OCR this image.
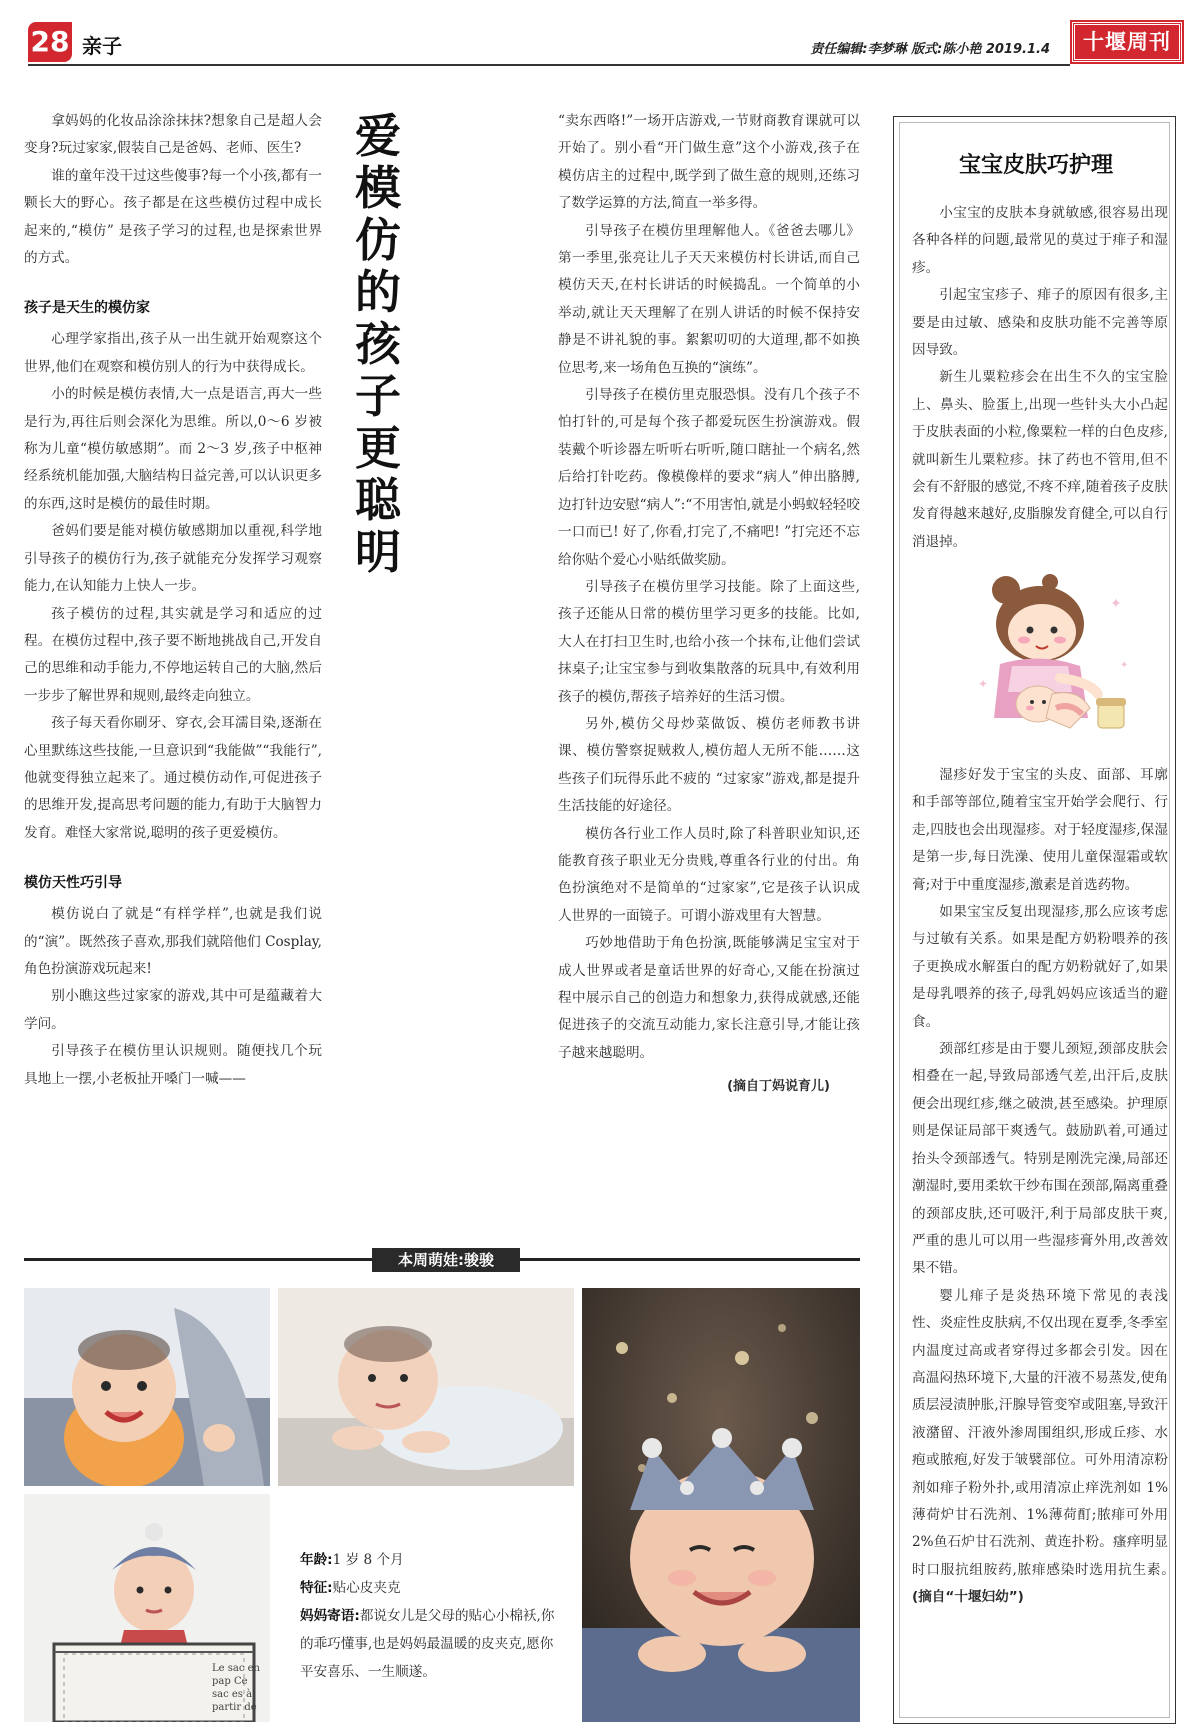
28 亲子	责任编辑:李梦琳 版式:陈小艳 2019.1.4	十堰周刊

拿妈妈的化妆品涂涂抹抹?想象自己是超人会变身?玩过家家,假装自己是爸妈、老师、医生?

谁的童年没干过这些傻事?每一个小孩,都有一颗长大的野心。孩子都是在这些模仿过程中成长起来的,“模仿” 是孩子学习的过程,也是探索世界的方式。

孩子是天生的模仿家

心理学家指出,孩子从一出生就开始观察这个世界,他们在观察和模仿别人的行为中获得成长。

小的时候是模仿表情,大一点是语言,再大一些是行为,再往后则会深化为思维。所以,0～6 岁被称为儿童“模仿敏感期”。而 2～3 岁,孩子中枢神经系统机能加强,大脑结构日益完善,可以认识更多的东西,这时是模仿的最佳时期。

爸妈们要是能对模仿敏感期加以重视,科学地引导孩子的模仿行为,孩子就能充分发挥学习观察能力,在认知能力上快人一步。

孩子模仿的过程,其实就是学习和适应的过程。在模仿过程中,孩子要不断地挑战自己,开发自己的思维和动手能力,不停地运转自己的大脑,然后一步步了解世界和规则,最终走向独立。

孩子每天看你刷牙、穿衣,会耳濡目染,逐渐在心里默练这些技能,一旦意识到“我能做”“我能行”,他就变得独立起来了。通过模仿动作,可促进孩子的思维开发,提高思考问题的能力,有助于大脑智力发育。难怪大家常说,聪明的孩子更爱模仿。

模仿天性巧引导

模仿说白了就是“有样学样”,也就是我们说的“演”。既然孩子喜欢,那我们就陪他们 Cosplay,角色扮演游戏玩起来!

别小瞧这些过家家的游戏,其中可是蕴藏着大学问。

引导孩子在模仿里认识规则。随便找几个玩具地上一摆,小老板扯开嗓门一喊——

爱模仿的孩子更聪明

“卖东西咯!”一场开店游戏,一节财商教育课就可以开始了。别小看“开门做生意”这个小游戏,孩子在模仿店主的过程中,既学到了做生意的规则,还练习了数学运算的方法,简直一举多得。

引导孩子在模仿里理解他人。《爸爸去哪儿》第一季里,张亮让儿子天天来模仿村长讲话,而自己模仿天天,在村长讲话的时候捣乱。一个简单的小举动,就让天天理解了在别人讲话的时候不保持安静是不讲礼貌的事。絮絮叨叨的大道理,都不如换位思考,来一场角色互换的“演练”。

引导孩子在模仿里克服恐惧。没有几个孩子不怕打针的,可是每个孩子都爱玩医生扮演游戏。假装戴个听诊器左听听右听听,随口瞎扯一个病名,然后给打针吃药。像模像样的要求“病人”伸出胳膊,边打针边安慰“病人”:“不用害怕,就是小蚂蚁轻轻咬一口而已! 好了,你看,打完了,不痛吧! ”打完还不忘给你贴个爱心小贴纸做奖励。

引导孩子在模仿里学习技能。除了上面这些,孩子还能从日常的模仿里学习更多的技能。比如,大人在打扫卫生时,也给小孩一个抹布,让他们尝试抹桌子;让宝宝参与到收集散落的玩具中,有效利用孩子的模仿,帮孩子培养好的生活习惯。

另外,模仿父母炒菜做饭、模仿老师教书讲课、模仿警察捉贼救人,模仿超人无所不能……这些孩子们玩得乐此不疲的 “过家家”游戏,都是提升生活技能的好途径。

模仿各行业工作人员时,除了科普职业知识,还能教育孩子职业无分贵贱,尊重各行业的付出。角色扮演绝对不是简单的“过家家”,它是孩子认识成人世界的一面镜子。可谓小游戏里有大智慧。

巧妙地借助于角色扮演,既能够满足宝宝对于成人世界或者是童话世界的好奇心,又能在扮演过程中展示自己的创造力和想象力,获得成就感,还能促进孩子的交流互动能力,家长注意引导,才能让孩子越来越聪明。

(摘自丁妈说育儿)
宝宝皮肤巧护理

小宝宝的皮肤本身就敏感,很容易出现各种各样的问题,最常见的莫过于痱子和湿疹。

引起宝宝疹子、痱子的原因有很多,主要是由过敏、感染和皮肤功能不完善等原因导致。

新生儿粟粒疹会在出生不久的宝宝脸上、鼻头、脸蛋上,出现一些针头大小凸起于皮肤表面的小粒,像粟粒一样的白色皮疹,就叫新生儿粟粒疹。抹了药也不管用,但不会有不舒服的感觉,不疼不痒,随着孩子皮肤发育得越来越好,皮脂腺发育健全,可以自行消退掉。

✦
✦
✦

湿疹好发于宝宝的头皮、面部、耳廓和手部等部位,随着宝宝开始学会爬行、行走,四肢也会出现湿疹。对于轻度湿疹,保湿是第一步,每日洗澡、使用儿童保湿霜或软膏;对于中重度湿疹,激素是首选药物。

如果宝宝反复出现湿疹,那么应该考虑与过敏有关系。如果是配方奶粉喂养的孩子更换成水解蛋白的配方奶粉就好了,如果是母乳喂养的孩子,母乳妈妈应该适当的避食。

颈部红疹是由于婴儿颈短,颈部皮肤会相叠在一起,导致局部透气差,出汗后,皮肤便会出现红疹,继之破溃,甚至感染。护理原则是保证局部干爽透气。鼓励趴着,可通过抬头令颈部透气。特别是刚洗完澡,局部还潮湿时,要用柔软干纱布围在颈部,隔离重叠的颈部皮肤,还可吸汗,利于局部皮肤干爽,严重的患儿可以用一些湿疹膏外用,改善效果不错。

婴儿痱子是炎热环境下常见的表浅性、炎症性皮肤病,不仅出现在夏季,冬季室内温度过高或者穿得过多都会引发。因在高温闷热环境下,大量的汗液不易蒸发,使角质层浸渍肿胀,汗腺导管变窄或阻塞,导致汗液潴留、汗液外渗周围组织,形成丘疹、水疱或脓疱,好发于皱襞部位。可外用清凉粉剂如痱子粉外扑,或用清凉止痒洗剂如 1%薄荷炉甘石洗剂、1%薄荷酊;脓痱可外用 2%鱼石炉甘石洗剂、黄连扑粉。瘙痒明显时口服抗组胺药,脓痱感染时选用抗生素。　　(摘自“十堰妇幼”)

本周萌娃:骏骏
Le sac en pap Ce sac es à partir de
年龄:1 岁 8 个月
特征:贴心皮夹克
妈妈寄语:都说女儿是父母的贴心小棉袄,你的乖巧懂事,也是妈妈最温暖的皮夹克,愿你平安喜乐、一生顺遂。
